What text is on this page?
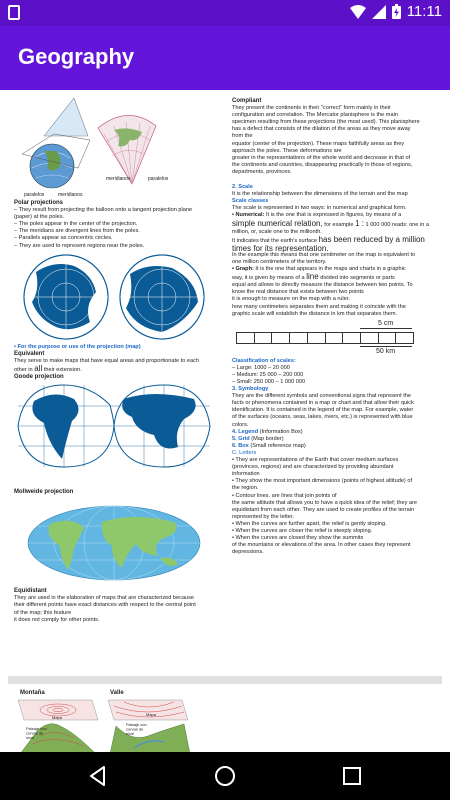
11:11
Geography
paralelos	meridianos
meridianos	paralelos
Polar projections
– They result from projecting the balloon onto a tangent projection plane
(paper) at the poles.
– The poles appear in the center of the projection.
– The meridians are divergent lines from the poles.
– Parallels appear as concentric circles.
– They are used to represent regions near the poles.
• For the purpose or use of the projection (map)
Equivalent
They serve to make maps that have equal areas and proportionate to each
other in all their extension.
Goode projection
Mollweide projection
Equidistant
They are used in the elaboration of maps that are characterized because
their different points have exact distances with respect to the central point
of the map; this feature
it does not comply for other points.
Compliant
They present the continents in their "correct" form mainly in their
configuration and correlation. The Mercator planisphere is the main
specimen resulting from these projections (the most used). This planisphere
has a defect that consists of the dilation of the areas as they move away
from the
equator (center of the projection). These maps faithfully areas as they
approach the poles. These deformations are
greater in the representations of the whole world and decrease in that of
the continents and countries, disappearing practically in those of regions,
departments, provinces.
2. Scale
It is the relationship between the dimensions of the terrain and the map
Scale classes
The scale is represented in two ways: in numerical and graphical form.
• Numerical: It is the one that is expressed in figures, by means of a
simple numerical relation, for example 1 : 1 000 000 reads: one in a
million, or, scale one to the millionth.
It indicates that the earth's surface has been reduced by a million
times for its representation.
In the example this means that one centimeter on the map is equivalent to
one million centimeters of the territory.
• Graph: It is the one that appears in the maps and charts in a graphic
way, it is given by means of a line divided into segments or parts
equal and allows to directly measure the distance between two points. To
know the real distance that exists between two points
it is enough to measure on the map with a ruler.
how many centimeters separates them and making it coincide with the
graphic scale will establish the distance in km that separates them.
5 cm
50 km
Classification of scales:
– Large: 1000 – 20 000
– Medium: 25 000 – 200 000
– Small: 250 000 – 1 000 000
3. Symbology
They are the different symbols and conventional signs that represent the
facts or phenomena contained in a map or chart and that allow their quick
identification. It is contained in the legend of the map. For example, water
of the surfaces (oceans, seas, lakes, rivers, etc.) is represented with blue
colors.
4. Legend (Information Box)
5. Grid (Map border)
6. Box (Small reference map)
C. Letters
• They are representations of the Earth that cover medium surfaces
(provinces, regions) and are characterized by providing abundant
information
• They show the most important dimensions (points of highest altitude) of
the region.
• Contour lines. are lines that join points of
the same altitude that allows you to have a quick idea of the relief; they are
equidistant from each other. They are used to create profiles of the terrain
represented by the letter.
• When the curves are further apart, the relief is gently sloping.
• When the curves are closer the relief is steeply sloping.
• When the curves are closed they show the summits
of the mountains or elevations of the area. In other cases they represent
depressions.
Montaña	Valle
Mapa
Paisaje con
curvas de
nivel
Mapa
Paisaje con
curvas de
nivel
